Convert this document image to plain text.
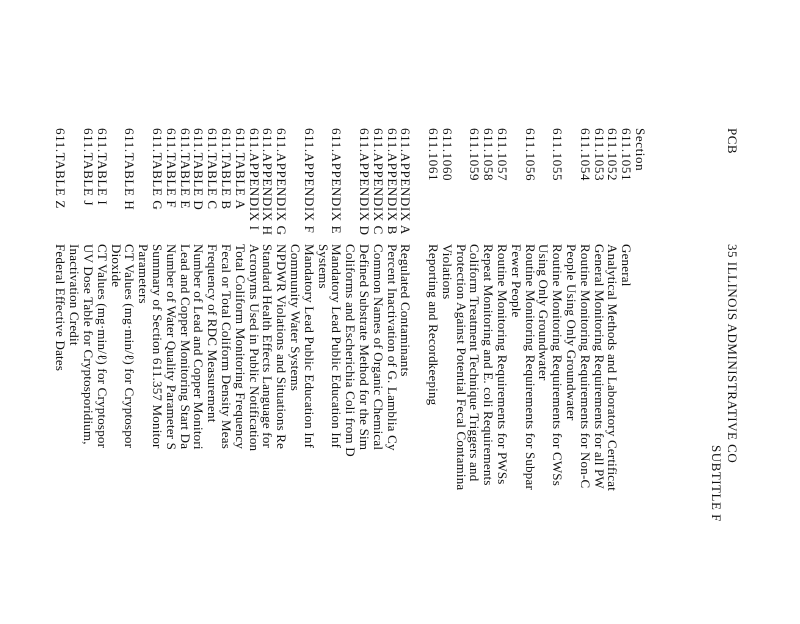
PCB
35 ILLINOIS ADMINISTRATIVE CO
SUBTITLE F
Section
611.1051
General
611.1052
Analytical Methods and Laboratory Certificat
611.1053
General Monitoring Requirements for all PW
611.1054
Routine Monitoring Requirements for Non-C
People Using Only Groundwater
611.1055
Routine Monitoring Requirements for CWSs
Using Only Groundwater
611.1056
Routine Monitoring Requirements for Subpar
Fewer People
611.1057
Routine Monitoring Requirements for PWSs
611.1058
Repeat Monitoring and E. coli Requirements
611.1059
Coliform Treatment Technique Triggers and
Protection Against Potential Fecal Contamina
611.1060
Violations
611.1061
Reporting and Recordkeeping
611.APPENDIX A
Regulated Contaminants
611.APPENDIX B
Percent Inactivation of G. Lamblia Cy
611.APPENDIX C
Common Names of Organic Chemical
611.APPENDIX D
Defined Substrate Method for the Sim
Coliforms and Escherichia Coli from D
611.APPENDIX E
Mandatory Lead Public Education Inf
Systems
611.APPENDIX F
Mandatory Lead Public Education Inf
Community Water Systems
611.APPENDIX G
NPDWR Violations and Situations Re
611.APPENDIX H
Standard Health Effects Language for
611.APPENDIX I
Acronyms Used in Public Notification
611.TABLE A
Total Coliform Monitoring Frequency
611.TABLE B
Fecal or Total Coliform Density Meas
611.TABLE C
Frequency of RDC Measurement
611.TABLE D
Number of Lead and Copper Monitori
611.TABLE E
Lead and Copper Monitoring Start Da
611.TABLE F
Number of Water Quality Parameter S
611.TABLE G
Summary of Section 611.357 Monitor
Parameters
611.TABLE H
CT Values (mg·min/ℓ) for Cryptospor
Dioxide
611.TABLE I
CT Values (mg·min/ℓ) for Cryptospor
611.TABLE J
UV Dose Table for Cryptosporidium,
Inactivation Credit
611.TABLE Z
Federal Effective Dates
